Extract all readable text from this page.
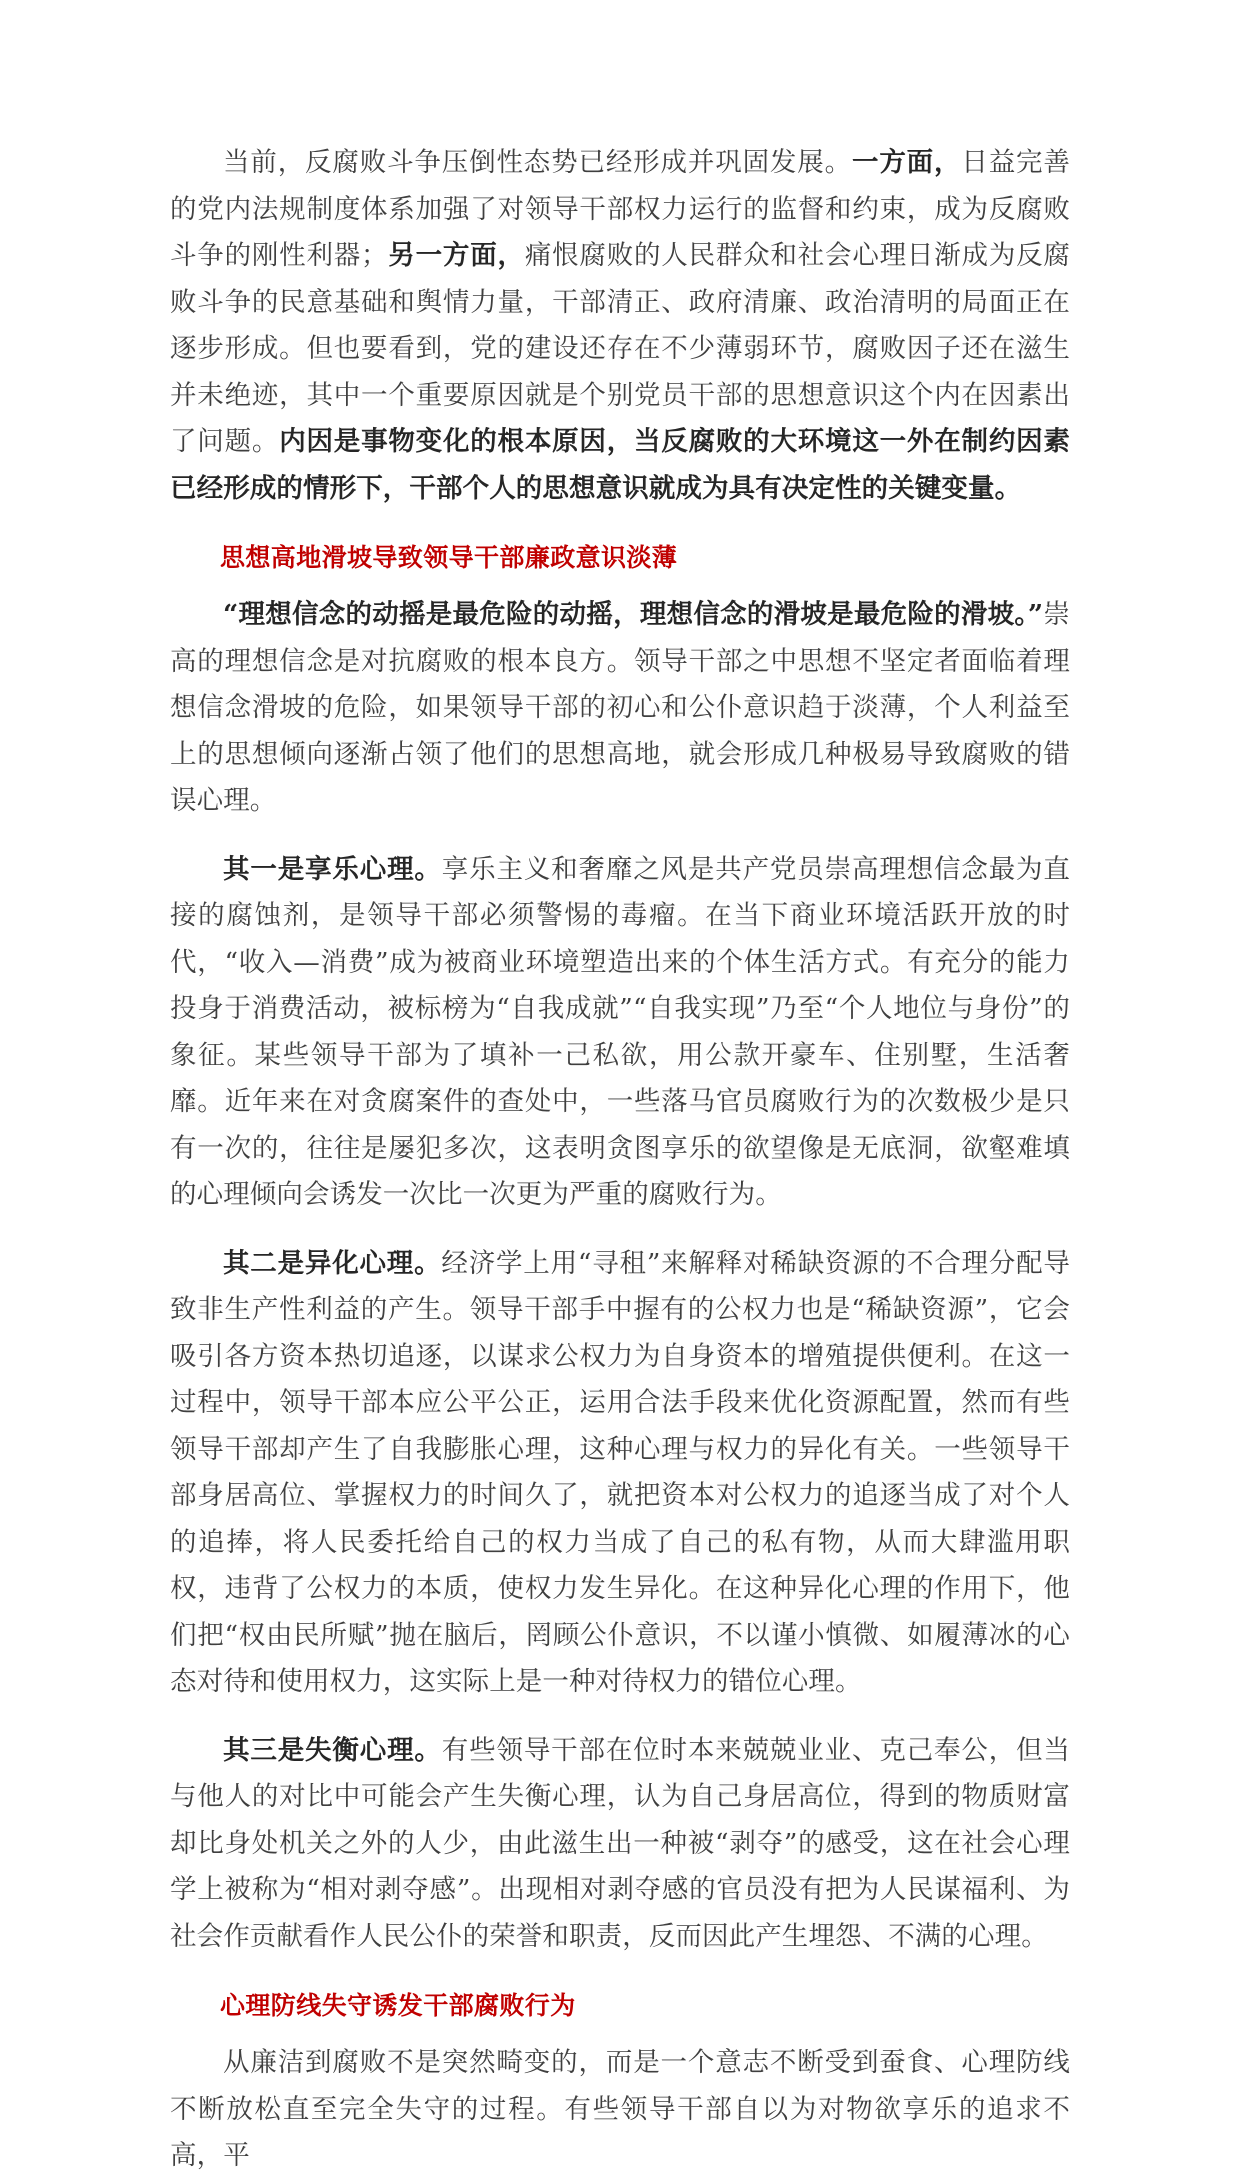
当前，反腐败斗争压倒性态势已经形成并巩固发展。一方面，日益完善的党内法规制度体系加强了对领导干部权力运行的监督和约束，成为反腐败斗争的刚性利器；另一方面，痛恨腐败的人民群众和社会心理日渐成为反腐败斗争的民意基础和舆情力量，干部清正、政府清廉、政治清明的局面正在逐步形成。但也要看到，党的建设还存在不少薄弱环节，腐败因子还在滋生并未绝迹，其中一个重要原因就是个别党员干部的思想意识这个内在因素出了问题。内因是事物变化的根本原因，当反腐败的大环境这一外在制约因素已经形成的情形下，干部个人的思想意识就成为具有决定性的关键变量。

思想高地滑坡导致领导干部廉政意识淡薄

“理想信念的动摇是最危险的动摇，理想信念的滑坡是最危险的滑坡。”崇高的理想信念是对抗腐败的根本良方。领导干部之中思想不坚定者面临着理想信念滑坡的危险，如果领导干部的初心和公仆意识趋于淡薄，个人利益至上的思想倾向逐渐占领了他们的思想高地，就会形成几种极易导致腐败的错误心理。

其一是享乐心理。享乐主义和奢靡之风是共产党员崇高理想信念最为直接的腐蚀剂，是领导干部必须警惕的毒瘤。在当下商业环境活跃开放的时代，“收入—消费”成为被商业环境塑造出来的个体生活方式。有充分的能力投身于消费活动，被标榜为“自我成就”“自我实现”乃至“个人地位与身份”的象征。某些领导干部为了填补一己私欲，用公款开豪车、住别墅，生活奢靡。近年来在对贪腐案件的查处中，一些落马官员腐败行为的次数极少是只有一次的，往往是屡犯多次，这表明贪图享乐的欲望像是无底洞，欲壑难填的心理倾向会诱发一次比一次更为严重的腐败行为。

其二是异化心理。经济学上用“寻租”来解释对稀缺资源的不合理分配导致非生产性利益的产生。领导干部手中握有的公权力也是“稀缺资源”，它会吸引各方资本热切追逐，以谋求公权力为自身资本的增殖提供便利。在这一过程中，领导干部本应公平公正，运用合法手段来优化资源配置，然而有些领导干部却产生了自我膨胀心理，这种心理与权力的异化有关。一些领导干部身居高位、掌握权力的时间久了，就把资本对公权力的追逐当成了对个人的追捧，将人民委托给自己的权力当成了自己的私有物，从而大肆滥用职权，违背了公权力的本质，使权力发生异化。在这种异化心理的作用下，他们把“权由民所赋”抛在脑后，罔顾公仆意识，不以谨小慎微、如履薄冰的心态对待和使用权力，这实际上是一种对待权力的错位心理。

其三是失衡心理。有些领导干部在位时本来兢兢业业、克己奉公，但当与他人的对比中可能会产生失衡心理，认为自己身居高位，得到的物质财富却比身处机关之外的人少，由此滋生出一种被“剥夺”的感受，这在社会心理学上被称为“相对剥夺感”。出现相对剥夺感的官员没有把为人民谋福利、为社会作贡献看作人民公仆的荣誉和职责，反而因此产生埋怨、不满的心理。

心理防线失守诱发干部腐败行为

从廉洁到腐败不是突然畸变的，而是一个意志不断受到蚕食、心理防线不断放松直至完全失守的过程。有些领导干部自以为对物欲享乐的追求不高，平
